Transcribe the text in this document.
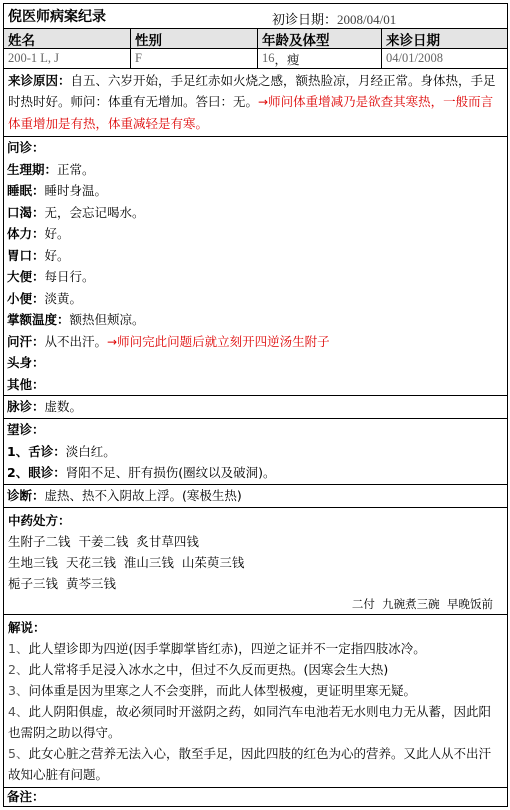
倪医师病案纪录	初诊日期：2008/04/01
姓名	性别	年龄及体型	来诊日期
200-1 L, J	F	16 ， 瘦	04/01/2008
来诊原因：自五、六岁开始，手足红赤如火烧之感，额热脸凉，月经正常。身体热，手足时热时好。师问：体重有无增加。答曰：无。→师问体重增减乃是欲查其寒热，一般而言体重增加是有热，体重减轻是有寒。
问诊：
生理期：正常。
睡眠：睡时身温。
口渴：无，会忘记喝水。
体力：好。
胃口：好。
大便：每日行。
小便：淡黄。
掌额温度：额热但颊凉。
问汗：从不出汗。→师问完此问题后就立刻开四逆汤生附子
头身：
其他：
脉诊：虚数。
望诊：
1、舌诊：淡白红。
2、眼诊：肾阳不足、肝有损伤(圈纹以及破洞)。
诊断：虚热、热不入阴故上浮。(寒极生热)
中药处方：
生附子二钱  干姜二钱  炙甘草四钱
生地三钱  天花三钱  淮山三钱  山茱萸三钱
栀子三钱  黄芩三钱
二付  九碗煮三碗  早晚饭前
解说：
1、此人望诊即为四逆(因手掌脚掌皆红赤)，四逆之证并不一定指四肢冰冷。
2、此人常将手足浸入冰水之中，但过不久反而更热。(因寒会生大热)
3、问体重是因为里寒之人不会变胖，而此人体型极瘦，更证明里寒无疑。
4、此人阴阳俱虚，故必须同时开滋阴之药，如同汽车电池若无水则电力无从蓄，因此阳也需阴之助以得守。
5、此女心脏之营养无法入心，散至手足，因此四肢的红色为心的营养。又此人从不出汗故知心脏有问题。
备注：
